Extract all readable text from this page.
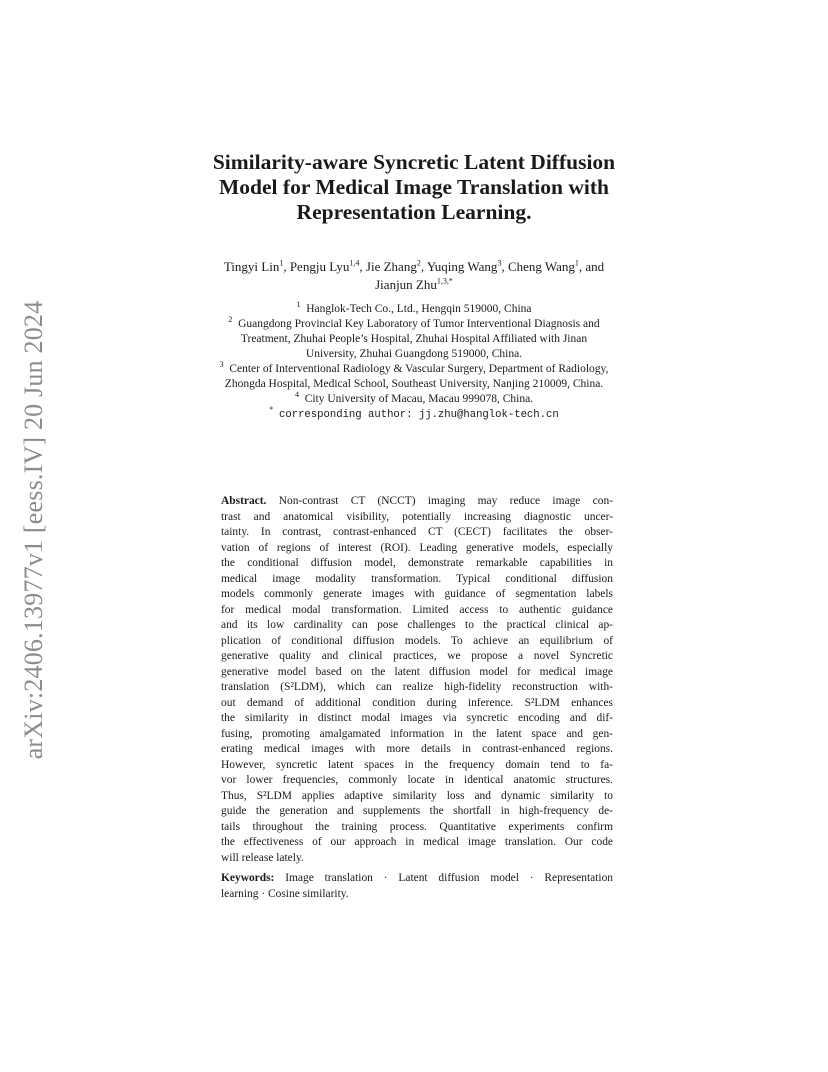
arXiv:2406.13977v1 [eess.IV] 20 Jun 2024
Similarity-aware Syncretic Latent Diffusion
Model for Medical Image Translation with
Representation Learning.
Tingyi Lin$^1$, Pengju Lyu$^{1,4}$, Jie Zhang$^2$, Yuqing Wang$^3$, Cheng Wang$^1$, and
Jianjun Zhu$^{1,3,*}$
$^1$ Hanglok-Tech Co., Ltd., Hengqin 519000, China
$^2$ Guangdong Provincial Key Laboratory of Tumor Interventional Diagnosis and
Treatment, Zhuhai People’s Hospital, Zhuhai Hospital Affiliated with Jinan
University, Zhuhai Guangdong 519000, China.
$^3$ Center of Interventional Radiology & Vascular Surgery, Department of Radiology,
Zhongda Hospital, Medical School, Southeast University, Nanjing 210009, China.
$^4$ City University of Macau, Macau 999078, China.
* corresponding author: jj.zhu@hanglok-tech.cn
Abstract. Non-contrast CT (NCCT) imaging may reduce image con-
trast and anatomical visibility, potentially increasing diagnostic uncer-
tainty. In contrast, contrast-enhanced CT (CECT) facilitates the obser-
vation of regions of interest (ROI). Leading generative models, especially
the conditional diffusion model, demonstrate remarkable capabilities in
medical image modality transformation. Typical conditional diffusion
models commonly generate images with guidance of segmentation labels
for medical modal transformation. Limited access to authentic guidance
and its low cardinality can pose challenges to the practical clinical ap-
plication of conditional diffusion models. To achieve an equilibrium of
generative quality and clinical practices, we propose a novel Syncretic
generative model based on the latent diffusion model for medical image
translation (S²LDM), which can realize high-fidelity reconstruction with-
out demand of additional condition during inference. S²LDM enhances
the similarity in distinct modal images via syncretic encoding and dif-
fusing, promoting amalgamated information in the latent space and gen-
erating medical images with more details in contrast-enhanced regions.
However, syncretic latent spaces in the frequency domain tend to fa-
vor lower frequencies, commonly locate in identical anatomic structures.
Thus, S²LDM applies adaptive similarity loss and dynamic similarity to
guide the generation and supplements the shortfall in high-frequency de-
tails throughout the training process. Quantitative experiments confirm
the effectiveness of our approach in medical image translation. Our code
will release lately.
Keywords: Image translation · Latent diffusion model · Representation
learning · Cosine similarity.
